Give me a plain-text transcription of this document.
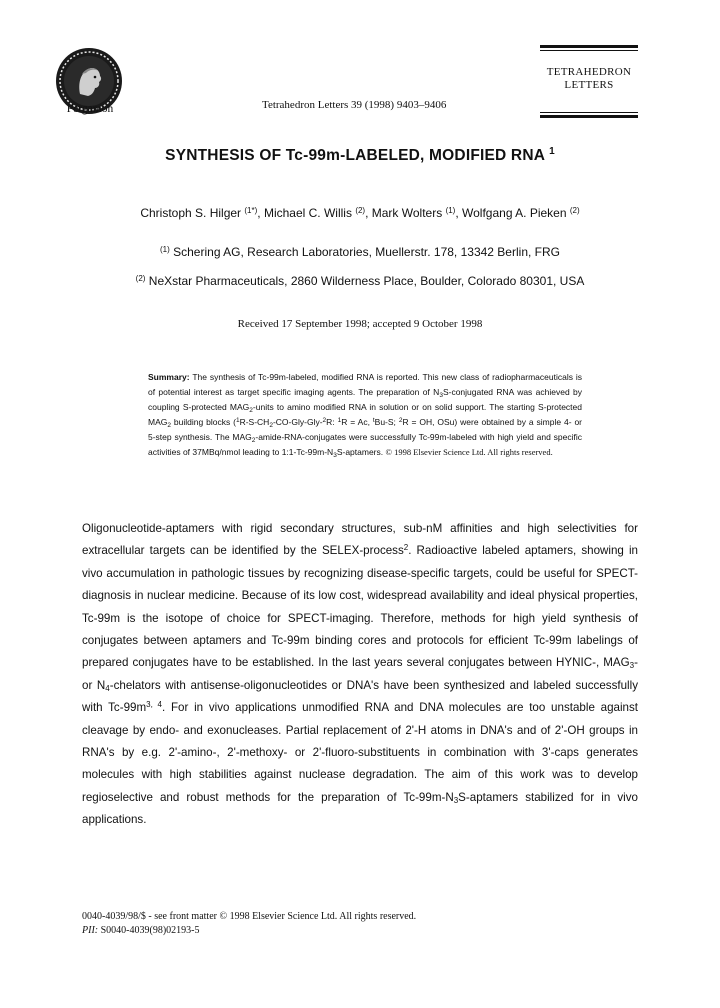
Pergamon	Tetrahedron Letters 39 (1998) 9403–9406
TETRAHEDRON
LETTERS
SYNTHESIS OF Tc-99m-LABELED, MODIFIED RNA $^1$
Christoph S. Hilger $^{(1*)}$, Michael C. Willis $^{(2)}$, Mark Wolters $^{(1)}$, Wolfgang A. Pieken $^{(2)}$
$^{(1)}$ Schering AG, Research Laboratories, Muellerstr. 178, 13342 Berlin, FRG
$^{(2)}$ NeXstar Pharmaceuticals, 2860 Wilderness Place, Boulder, Colorado 80301, USA
Received 17 September 1998; accepted 9 October 1998
Summary: The synthesis of Tc-99m-labeled, modified RNA is reported. This new class of radiopharmaceuticals is of potential interest as target specific imaging agents. The preparation of $N_3S$-conjugated RNA was achieved by coupling S-protected $MAG_2$-units to amino modified RNA in solution or on solid support. The starting S-protected $MAG_2$ building blocks ($^1R-S-CH_2-CO-Gly-Gly-^2R$: $^1$R = Ac, $^t$Bu-S; $^2$R = OH, OSu) were obtained by a simple 4- or 5-step synthesis. The $MAG_2-amide-RNA$-conjugates were successfully Tc-99m-labeled with high yield and specific activities of 37MBq/nmol leading to $1:1-Tc-99m-N_3S$-aptamers. © 1998 Elsevier Science Ltd. All rights reserved.
Oligonucleotide-aptamers with rigid secondary structures, sub-nM affinities and high selectivities for extracellular targets can be identified by the SELEX-process$^2$. Radioactive labeled aptamers, showing in vivo accumulation in pathologic tissues by recognizing disease-specific targets, could be useful for SPECT-diagnosis in nuclear medicine. Because of its low cost, widespread availability and ideal physical properties, Tc-99m is the isotope of choice for SPECT-imaging. Therefore, methods for high yield synthesis of conjugates between aptamers and Tc-99m binding cores and protocols for efficient Tc-99m labelings of prepared conjugates have to be established. In the last years several conjugates between HYNIC-, $MAG_3-$ or $N_4$-chelators with antisense-oligonucleotides or DNA's have been synthesized and labeled successfully with $Tc-99m^{3, 4}$. For in vivo applications unmodified RNA and DNA molecules are too unstable against cleavage by endo- and exonucleases. Partial replacement of 2'-H atoms in DNA's and of 2'-OH groups in RNA's by e.g. 2'-amino-, 2'-methoxy- or 2'-fluoro-substituents in combination with 3'-caps generates molecules with high stabilities against nuclease degradation. The aim of this work was to develop regioselective and robust methods for the preparation of $Tc-99m-N_3S$-aptamers stabilized for in vivo applications.
0040-4039/98/$ - see front matter © 1998 Elsevier Science Ltd. All rights reserved.
PII: S0040-4039(98)02193-5
